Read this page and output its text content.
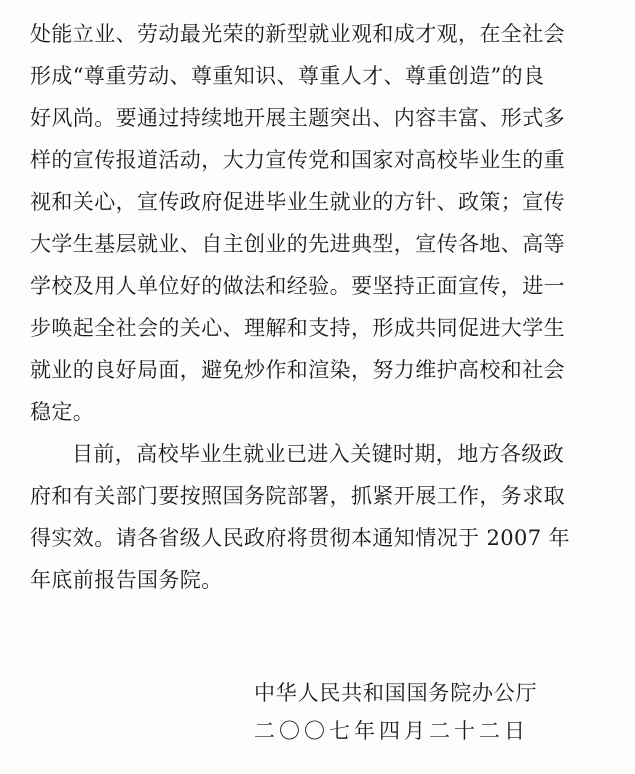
处能立业、劳动最光荣的新型就业观和成才观，在全社会
形成“尊重劳动、尊重知识、尊重人才、尊重创造”的良
好风尚。要通过持续地开展主题突出、内容丰富、形式多
样的宣传报道活动，大力宣传党和国家对高校毕业生的重
视和关心，宣传政府促进毕业生就业的方针、政策；宣传
大学生基层就业、自主创业的先进典型，宣传各地、高等
学校及用人单位好的做法和经验。要坚持正面宣传，进一
步唤起全社会的关心、理解和支持，形成共同促进大学生
就业的良好局面，避免炒作和渲染，努力维护高校和社会
稳定。
目前，高校毕业生就业已进入关键时期，地方各级政
府和有关部门要按照国务院部署，抓紧开展工作，务求取
得实效。请各省级人民政府将贯彻本通知情况于 2007 年
年底前报告国务院。
中华人民共和国国务院办公厅
二〇〇七年四月二十二日
